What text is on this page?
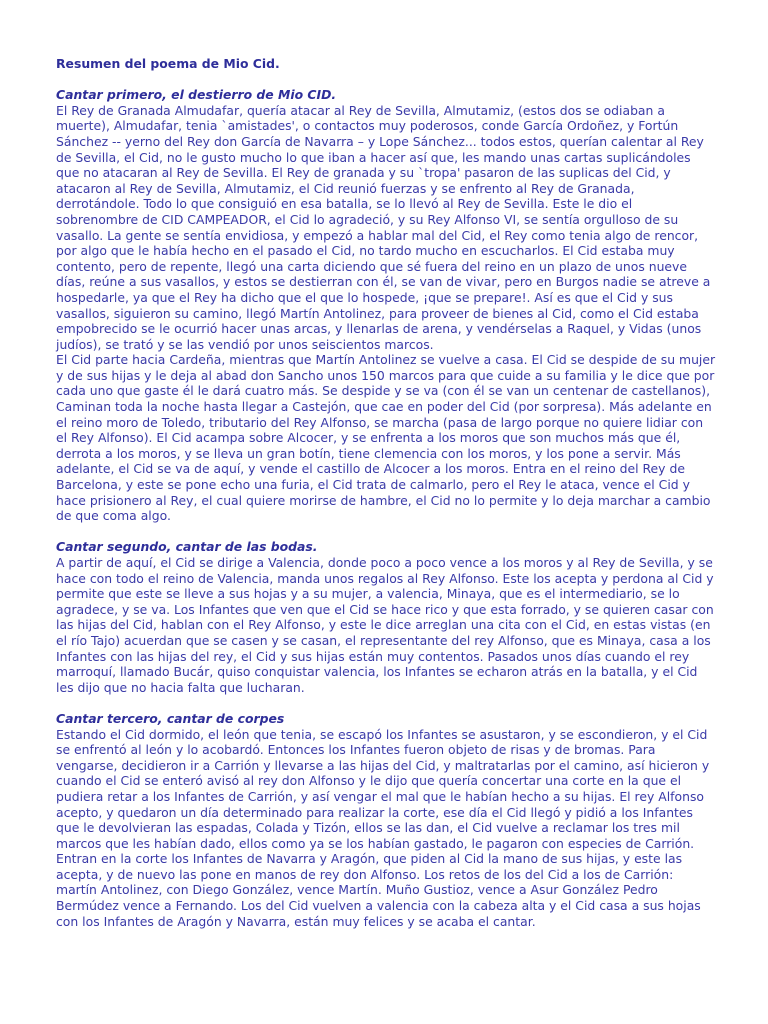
Resumen del poema de Mio Cid.
Cantar primero, el destierro de Mio CID.

El Rey de Granada Almudafar, quería atacar al Rey de Sevilla, Almutamiz, (estos dos se odiaban a muerte), Almudafar, tenia `amistades', o contactos muy poderosos, conde García Ordoñez, y Fortún Sánchez -- yerno del Rey don García de Navarra – y Lope Sánchez... todos estos, querían calentar al Rey de Sevilla, el Cid, no le gusto mucho lo que iban a hacer así que, les mando unas cartas suplicándoles que no atacaran al Rey de Sevilla. El Rey de granada y su `tropa' pasaron de las suplicas del Cid, y atacaron al Rey de Sevilla, Almutamiz, el Cid reunió fuerzas y se enfrento al Rey de Granada, derrotándole. Todo lo que consiguió en esa batalla, se lo llevó al Rey de Sevilla. Este le dio el sobrenombre de CID CAMPEADOR, el Cid lo agradeció, y su Rey Alfonso VI, se sentía orgulloso de su vasallo. La gente se sentía envidiosa, y empezó a hablar mal del Cid, el Rey como tenia algo de rencor, por algo que le había hecho en el pasado el Cid, no tardo mucho en escucharlos. El Cid estaba muy contento, pero de repente, llegó una carta diciendo que sé fuera del reino en un plazo de unos nueve días, reúne a sus vasallos, y estos se destierran con él, se van de vivar, pero en Burgos nadie se atreve a hospedarle, ya que el Rey ha dicho que el que lo hospede, ¡que se prepare!. Así es que el Cid y sus vasallos, siguieron su camino, llegó Martín Antolinez, para proveer de bienes al Cid, como el Cid estaba empobrecido se le ocurrió hacer unas arcas, y llenarlas de arena, y vendérselas a Raquel, y Vidas (unos judíos), se trató y se las vendió por unos seiscientos marcos.

El Cid parte hacia Cardeña, mientras que Martín Antolinez se vuelve a casa. El Cid se despide de su mujer y de sus hijas y le deja al abad don Sancho unos 150 marcos para que cuide a su familia y le dice que por cada uno que gaste él le dará cuatro más. Se despide y se va (con él se van un centenar de castellanos),

Caminan toda la noche hasta llegar a Castejón, que cae en poder del Cid (por sorpresa). Más adelante en el reino moro de Toledo, tributario del Rey Alfonso, se marcha (pasa de largo porque no quiere lidiar con el Rey Alfonso). El Cid acampa sobre Alcocer, y se enfrenta a los moros que son muchos más que él, derrota a los moros, y se lleva un gran botín, tiene clemencia con los moros, y los pone a servir. Más adelante, el Cid se va de aquí, y vende el castillo de Alcocer a los moros. Entra en el reino del Rey de Barcelona, y este se pone echo una furia, el Cid trata de calmarlo, pero el Rey le ataca, vence el Cid y hace prisionero al Rey, el cual quiere morirse de hambre, el Cid no lo permite y lo deja marchar a cambio de que coma algo.

Cantar segundo, cantar de las bodas.

A partir de aquí, el Cid se dirige a Valencia, donde poco a poco vence a los moros y al Rey de Sevilla, y se hace con todo el reino de Valencia, manda unos regalos al Rey Alfonso. Este los acepta y perdona al Cid y permite que este se lleve a sus hojas y a su mujer, a valencia, Minaya, que es el intermediario, se lo agradece, y se va. Los Infantes que ven que el Cid se hace rico y que esta forrado, y se quieren casar con las hijas del Cid, hablan con el Rey Alfonso, y este le dice arreglan una cita con el Cid, en estas vistas (en el río Tajo) acuerdan que se casen y se casan, el representante del rey Alfonso, que es Minaya, casa a los Infantes con las hijas del rey, el Cid y sus hijas están muy contentos. Pasados unos días cuando el rey marroquí, llamado Bucár, quiso conquistar valencia, los Infantes se echaron atrás en la batalla, y el Cid les dijo que no hacia falta que lucharan.

Cantar tercero, cantar de corpes

Estando el Cid dormido, el león que tenia, se escapó los Infantes se asustaron, y se escondieron, y el Cid se enfrentó al león y lo acobardó. Entonces los Infantes fueron objeto de risas y de bromas. Para vengarse, decidieron ir a Carrión y llevarse a las hijas del Cid, y maltratarlas por el camino, así hicieron y cuando el Cid se enteró avisó al rey don Alfonso y le dijo que quería concertar una corte en la que el pudiera retar a los Infantes de Carrión, y así vengar el mal que le habían hecho a su hijas. El rey Alfonso acepto, y quedaron un día determinado para realizar la corte, ese día el Cid llegó y pidió a los Infantes que le devolvieran las espadas, Colada y Tizón, ellos se las dan, el Cid vuelve a reclamar los tres mil marcos que les habían dado, ellos como ya se los habían gastado, le pagaron con especies de Carrión. Entran en la corte los Infantes de Navarra y Aragón, que piden al Cid la mano de sus hijas, y este las acepta, y de nuevo las pone en manos de rey don Alfonso. Los retos de los del Cid a los de Carrión: martín Antolinez, con Diego González, vence Martín. Muño Gustioz, vence a Asur González Pedro Bermúdez vence a Fernando. Los del Cid vuelven a valencia con la cabeza alta y el Cid casa a sus hojas con los Infantes de Aragón y Navarra, están muy felices y se acaba el cantar.
